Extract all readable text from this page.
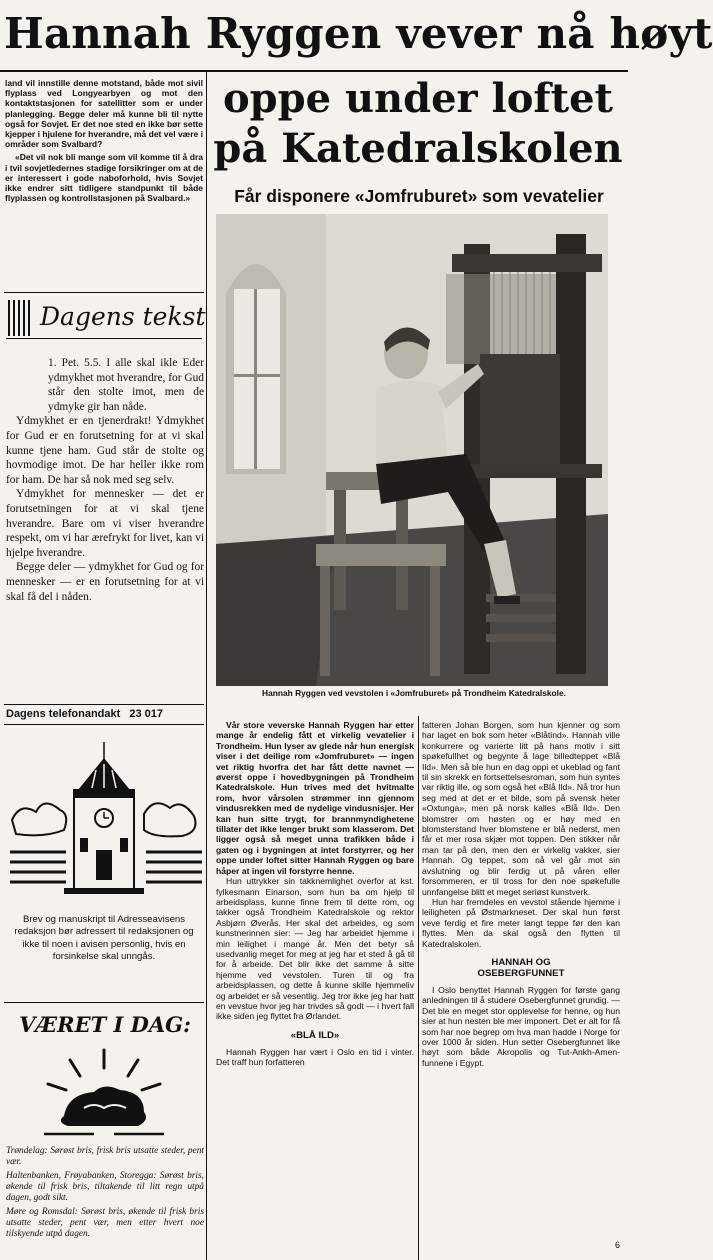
Hannah Ryggen vever nå høyt
oppe under loftet
på Katedralskolen
Får disponere «Jomfruburet» som vevatelier
Hannah Ryggen ved vevstolen i «Jomfruburet» på Trondheim Katedralskole.

land vil innstille denne motstand, både mot sivil flyplass ved Longyearbyen og mot den kontaktstasjonen for satellitter som er under planlegging. Begge deler må kunne bli til nytte også for Sovjet. Er det noe sted en ikke bør sette kjepper i hjulene for hverandre, må det vel være i områder som Svalbard?

«Det vil nok bli mange som vil komme til å dra i tvil sovjetledernes stadige forsikringer om at de er interessert i gode naboforhold, hvis Sovjet ikke endrer sitt tidligere standpunkt til både flyplassen og kontrollstasjonen på Svalbard.»

Dagens tekst

1. Pet. 5.5. I alle skal ikle Eder ydmykhet mot hverandre, for Gud står den stolte imot, men de ydmyke gir han nåde.

Ydmykhet er en tjenerdrakt! Ydmykhet for Gud er en forutsetning for at vi skal kunne tjene ham. Gud står de stolte og hovmodige imot. De har heller ikke rom for ham. De har så nok med seg selv.

Ydmykhet for mennesker — det er forutsetningen for at vi skal tjene hverandre. Bare om vi viser hverandre respekt, om vi har ærefrykt for livet, kan vi hjelpe hverandre.

Begge deler — ydmykhet for Gud og for mennesker — er en forutsetning for at vi skal få del i nåden.

Dagens telefonandakt 23 017
Brev og manuskript til Adresseavisens redaksjon bør adressert til redaksjonen og ikke til noen i avisen personlig, hvis en forsinkelse skal unngås.
VÆRET I DAG:

Trøndelag: Sørøst bris, frisk bris utsatte steder, pent vær.

Haltenbanken, Frøyabanken, Storegga: Sørøst bris, økende til frisk bris, tiltakende til litt regn utpå dagen, godt sikt.

Møre og Romsdal: Sørøst bris, økende til frisk bris utsatte steder, pent vær, men etter hvert noe tilskyende utpå dagen.

Vår store veverske Hannah Ryggen har etter mange år endelig fått et virkelig vevatelier i Trondheim. Hun lyser av glede når hun energisk viser i det deilige rom «Jomfruburet» — ingen vet riktig hvorfra det har fått dette navnet — øverst oppe i hovedbygningen på Trondheim Katedralskole. Hun trives med det hvitmalte rom, hvor vårsolen strømmer inn gjennom vindusrekken med de nydelige vindusnisjer. Her kan hun sitte trygt, for brannmyndighetene tillater det ikke lenger brukt som klasserom. Det ligger også så meget unna trafikken både i gaten og i bygningen at intet forstyrrer, og her oppe under loftet sitter Hannah Ryggen og bare håper at ingen vil forstyrre henne.

Hun uttrykker sin takknemlighet overfor at kst. fylkesmann Einarson, som hun ba om hjelp til arbeidsplass, kunne finne frem til dette rom, og takker også Trondheim Katedralskole og rektor Asbjørn Øverås. Her skal det arbeides, og som kunstnerinnen sier: — Jeg har arbeidet hjemme i min leilighet i mange år. Men det betyr så usedvanlig meget for meg at jeg har et sted å gå til for å arbeide. Det blir ikke det samme å sitte hjemme ved vevstolen. Turen til og fra arbeidsplassen, og dette å kunne skille hjemmeliv og arbeidet er så vesentlig. Jeg tror ikke jeg har hatt en vevstue hvor jeg har trivdes så godt — i hvert fall ikke siden jeg flyttet fra Ørlandet.

«BLÅ ILD»

Hannah Ryggen har vært i Oslo en tid i vinter. Det traff hun forfatteren

fatteren Johan Borgen, som hun kjenner og som har laget en bok som heter «Blåtind». Hannah ville konkurrere og varierte litt på hans motiv i sitt spøkefullhet og begynte å lage billedteppet «Blå Ild». Men så ble hun en dag oppi et ukeblad og fant til sin skrekk en fortsettelsesroman, som hun syntes var riktig ille, og som også het «Blå Ild». Nå tror hun seg med at det er et bilde, som på svensk heter «Oxtunga», men på norsk kalles «Blå Ild». Den blomstrer om høsten og er høy med en blomsterstand hver blomstene er blå nederst, men får et mer rosa skjær mot toppen. Den stikker når man tar på den, men den er virkelig vakker, sier Hannah. Og teppet, som nå vel går mot sin avslutning og blir ferdig ut på våren eller forsommeren, er til tross for den noe spøkefulle unnfangelse blitt et meget seriøst kunstverk.

Hun har fremdeles en vevstol stående hjemme i leiligheten på Østmarkneset. Der skal hun først veve ferdig et fire meter langt teppe før den kan flyttes. Men da skal også den flytten til Katedralskolen.

HANNAH OG

OSEBERGFUNNET

I Oslo benyttet Hannah Ryggen for første gang anledningen til å studere Osebergfunnet grundig. — Det ble en meget stor opplevelse for henne, og hun sier at hun nesten ble mer imponert. Det er alt for få som har noe begrep om hva man hadde i Norge for over 1000 år siden. Hun setter Osebergfunnet like høyt som både Akropolis og Tut-Ankh-Amen-funnene i Egypt.

6
